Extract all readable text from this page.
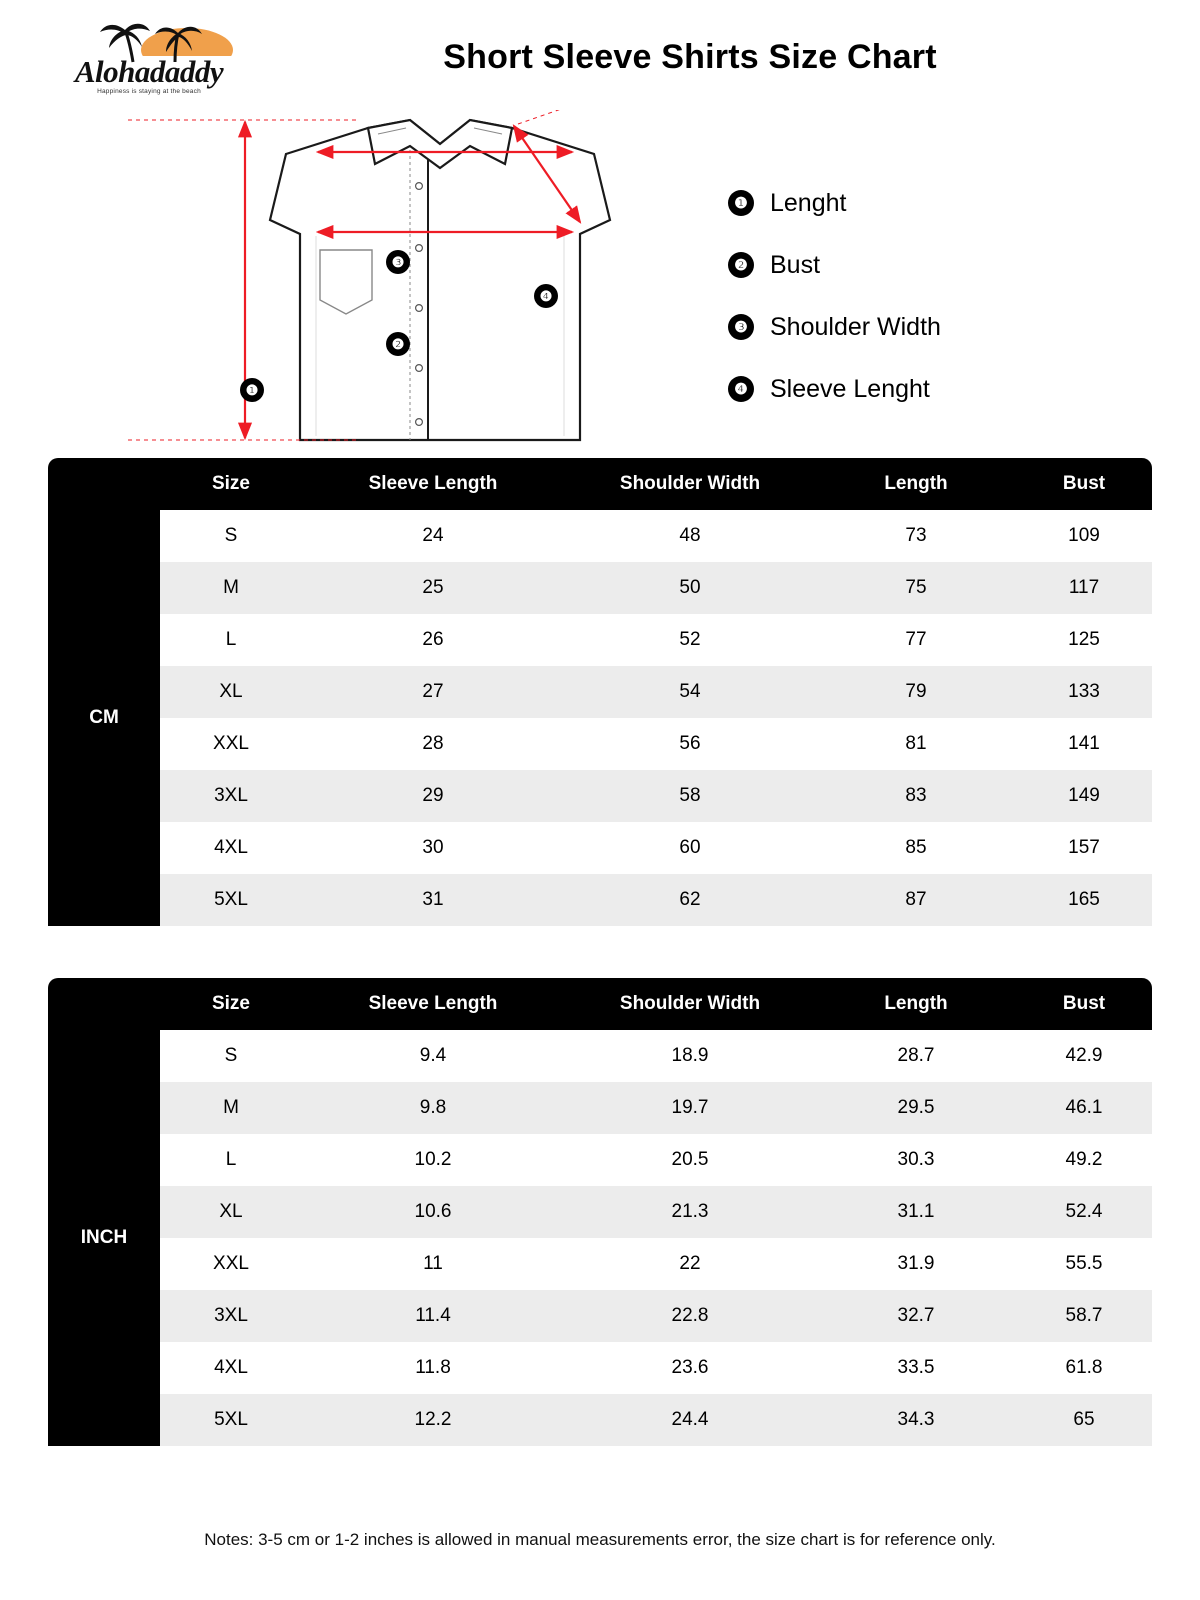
Alohadaddy
Happiness is staying at the beach
Short Sleeve Shirts Size Chart
❶
❷
❸
❹
❶ Lenght
❷ Bust
❸ Shoulder Width
❹ Sleeve Lenght
	Size	Sleeve Length	Shoulder Width	Length	Bust
CM	S	24	48	73	109
	M	25	50	75	117
	L	26	52	77	125
	XL	27	54	79	133
	XXL	28	56	81	141
	3XL	29	58	83	149
	4XL	30	60	85	157
	5XL	31	62	87	165
	Size	Sleeve Length	Shoulder Width	Length	Bust
INCH	S	9.4	18.9	28.7	42.9
	M	9.8	19.7	29.5	46.1
	L	10.2	20.5	30.3	49.2
	XL	10.6	21.3	31.1	52.4
	XXL	11	22	31.9	55.5
	3XL	11.4	22.8	32.7	58.7
	4XL	11.8	23.6	33.5	61.8
	5XL	12.2	24.4	34.3	65
Notes: 3-5 cm or 1-2 inches is allowed in manual measurements error, the size chart is for reference only.
